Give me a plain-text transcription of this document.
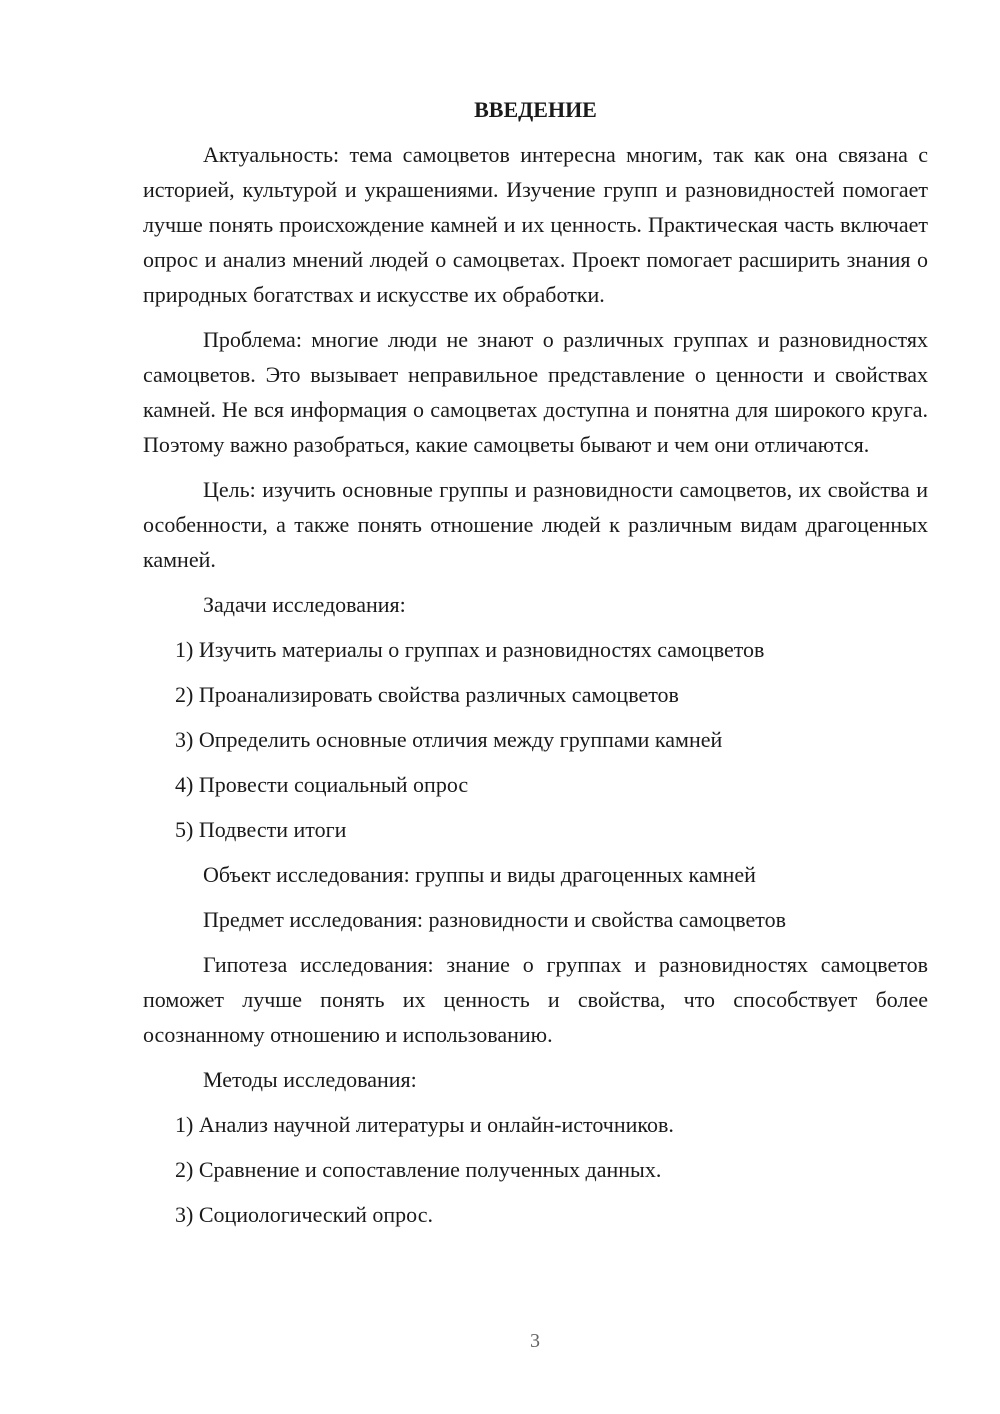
ВВЕДЕНИЕ
Актуальность: тема самоцветов интересна многим, так как она связана с историей, культурой и украшениями. Изучение групп и разновидностей помогает лучше понять происхождение камней и их ценность. Практическая часть включает опрос и анализ мнений людей о самоцветах. Проект помогает расширить знания о природных богатствах и искусстве их обработки.
Проблема: многие люди не знают о различных группах и разновидностях самоцветов. Это вызывает неправильное представление о ценности и свойствах камней. Не вся информация о самоцветах доступна и понятна для широкого круга. Поэтому важно разобраться, какие самоцветы бывают и чем они отличаются.
Цель: изучить основные группы и разновидности самоцветов, их свойства и особенности, а также понять отношение людей к различным видам драгоценных камней.
Задачи исследования:
1) Изучить материалы о группах и разновидностях самоцветов
2) Проанализировать свойства различных самоцветов
3) Определить основные отличия между группами камней
4) Провести социальный опрос
5) Подвести итоги
Объект исследования: группы и виды драгоценных камней
Предмет исследования: разновидности и свойства самоцветов
Гипотеза исследования: знание о группах и разновидностях самоцветов поможет лучше понять их ценность и свойства, что способствует более осознанному отношению и использованию.
Методы исследования:
1) Анализ научной литературы и онлайн-источников.
2) Сравнение и сопоставление полученных данных.
3) Социологический опрос.
3
